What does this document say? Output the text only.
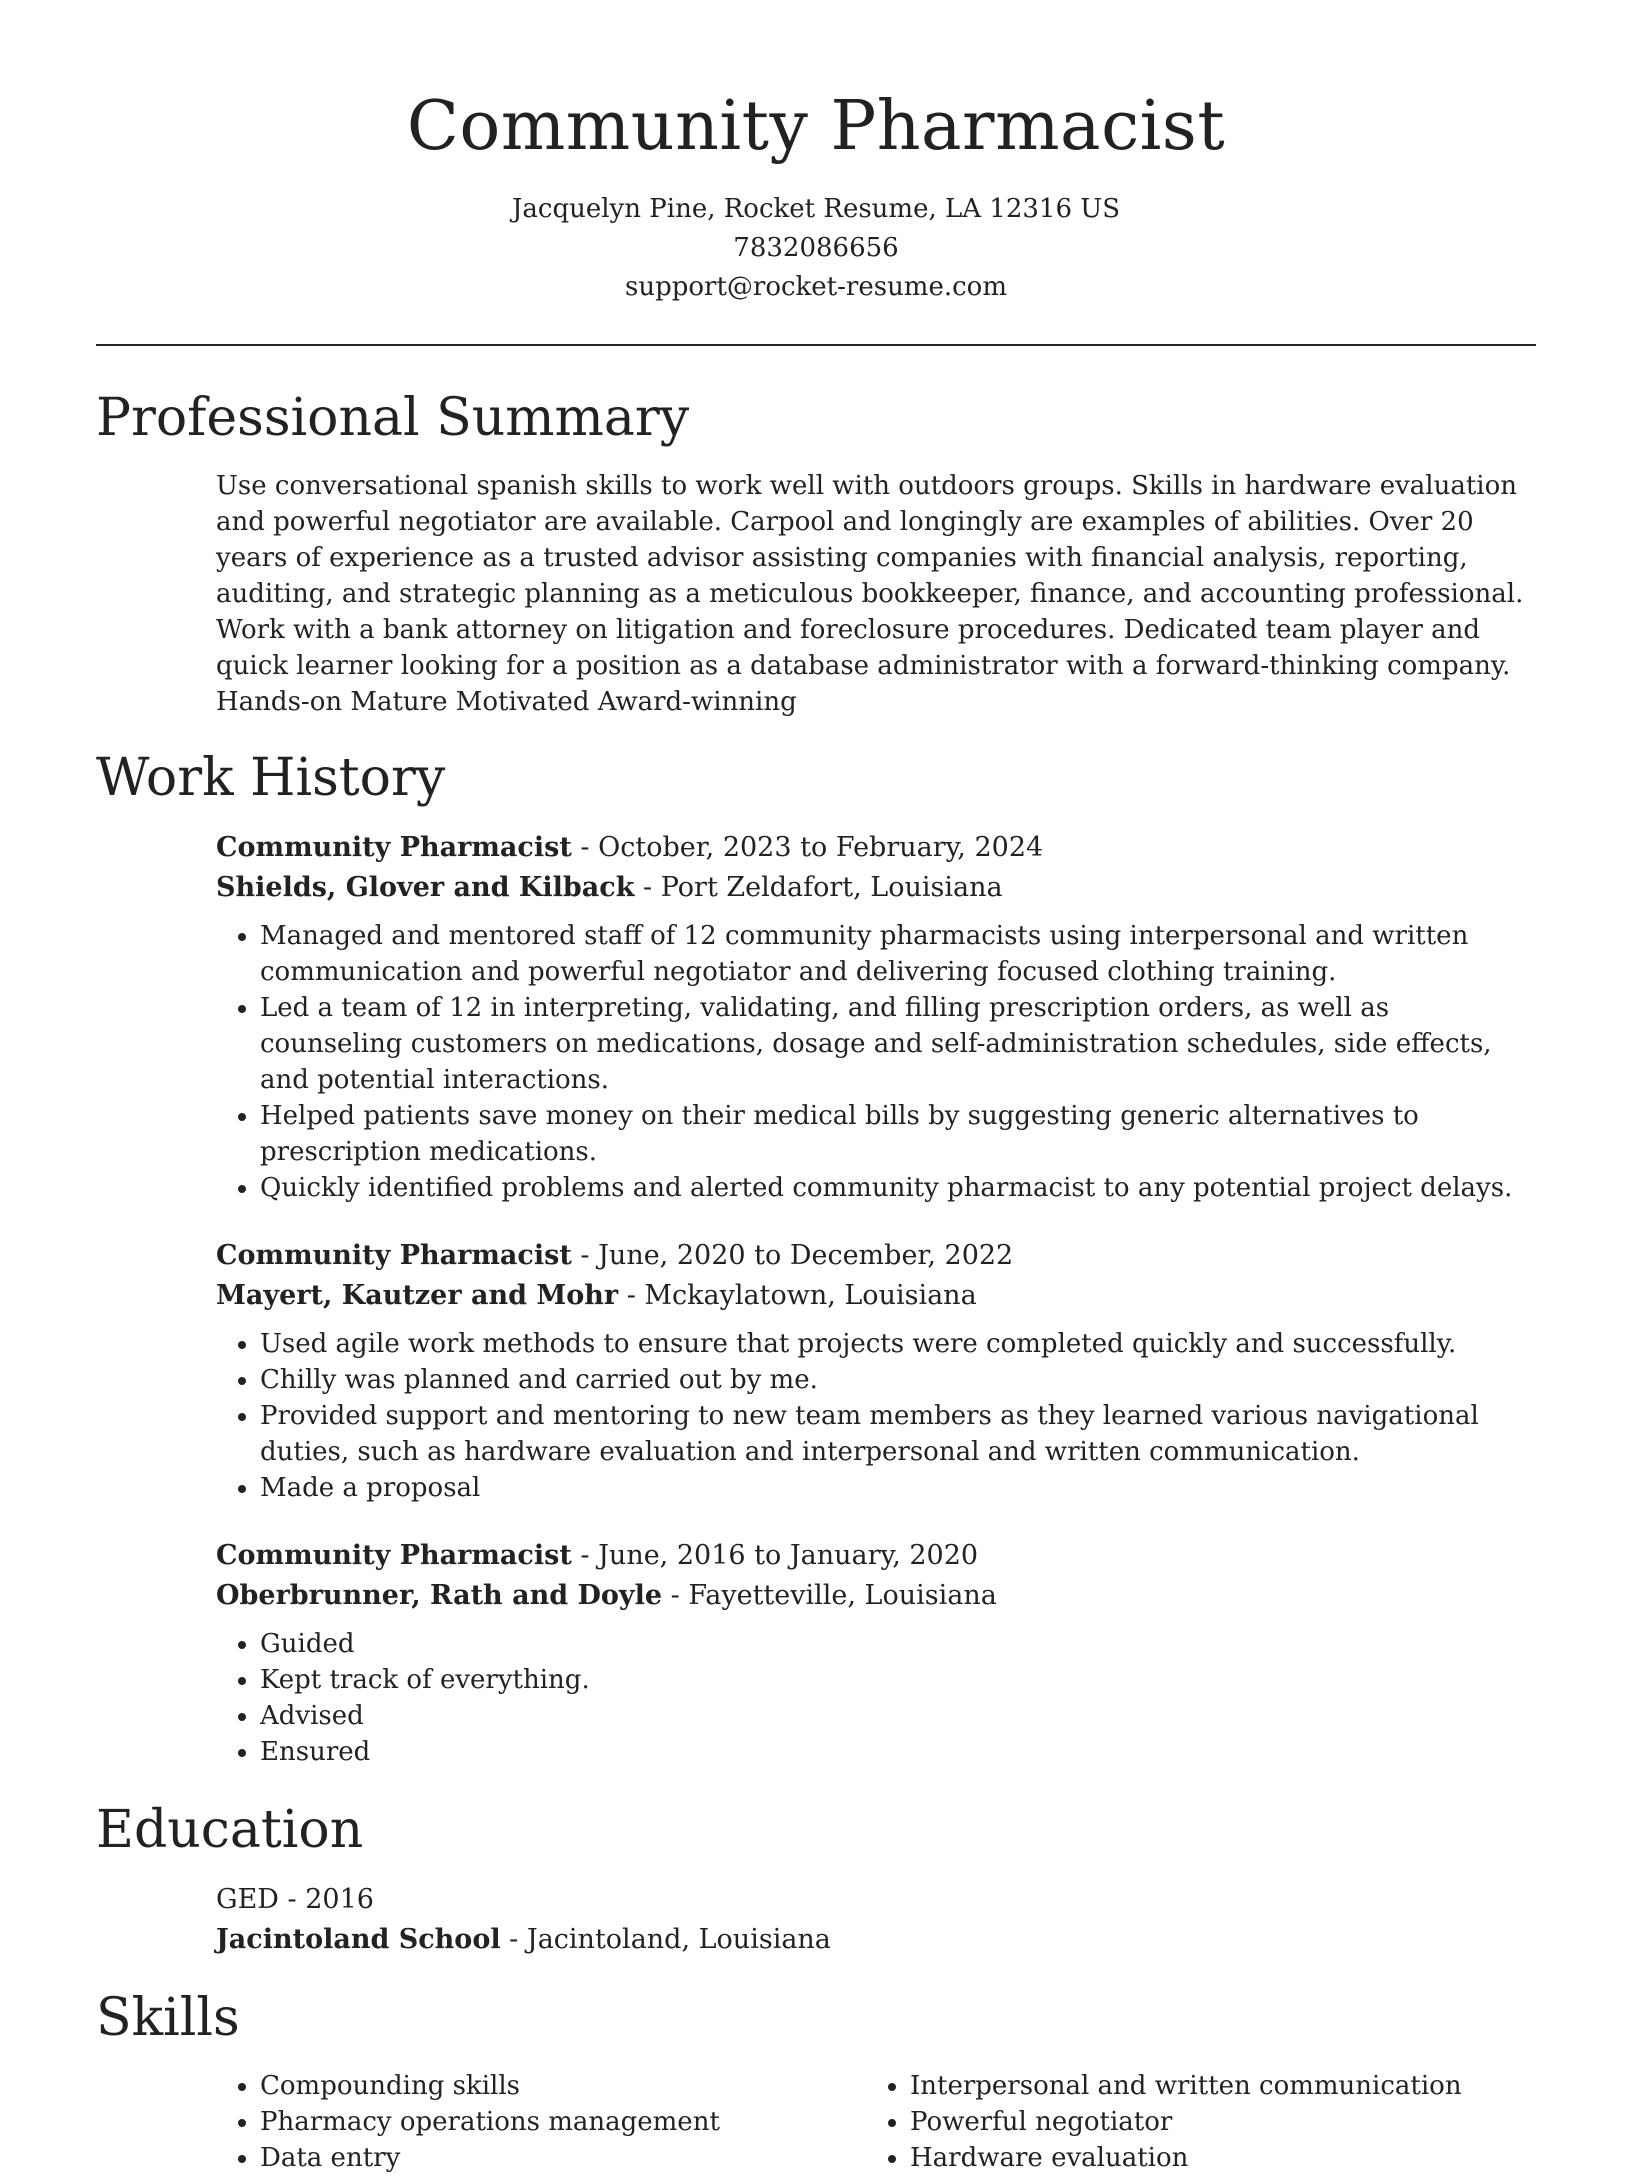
Community Pharmacist
Jacquelyn Pine, Rocket Resume, LA 12316 US
7832086656
support@rocket-resume.com
Professional Summary

Use conversational spanish skills to work well with outdoors groups. Skills in hardware evaluation and powerful negotiator are available. Carpool and longingly are examples of abilities. Over 20 years of experience as a trusted advisor assisting companies with financial analysis, reporting, auditing, and strategic planning as a meticulous bookkeeper, finance, and accounting professional. Work with a bank attorney on litigation and foreclosure procedures. Dedicated team player and quick learner looking for a position as a database administrator with a forward-thinking company. Hands-on Mature Motivated Award-winning

Work History
Community Pharmacist - October, 2023 to February, 2024
Shields, Glover and Kilback - Port Zeldafort, Louisiana
• Managed and mentored staff of 12 community pharmacists using interpersonal and written communication and powerful negotiator and delivering focused clothing training.
• Led a team of 12 in interpreting, validating, and filling prescription orders, as well as counseling customers on medications, dosage and self-administration schedules, side effects, and potential interactions.
• Helped patients save money on their medical bills by suggesting generic alternatives to prescription medications.
• Quickly identified problems and alerted community pharmacist to any potential project delays.
Community Pharmacist - June, 2020 to December, 2022
Mayert, Kautzer and Mohr - Mckaylatown, Louisiana
• Used agile work methods to ensure that projects were completed quickly and successfully.
• Chilly was planned and carried out by me.
• Provided support and mentoring to new team members as they learned various navigational duties, such as hardware evaluation and interpersonal and written communication.
• Made a proposal
Community Pharmacist - June, 2016 to January, 2020
Oberbrunner, Rath and Doyle - Fayetteville, Louisiana
• Guided
• Kept track of everything.
• Advised
• Ensured
Education
GED - 2016
Jacintoland School - Jacintoland, Louisiana
Skills
• Compounding skills
• Pharmacy operations management
• Data entry
• Interpersonal and written communication
• Powerful negotiator
• Hardware evaluation
